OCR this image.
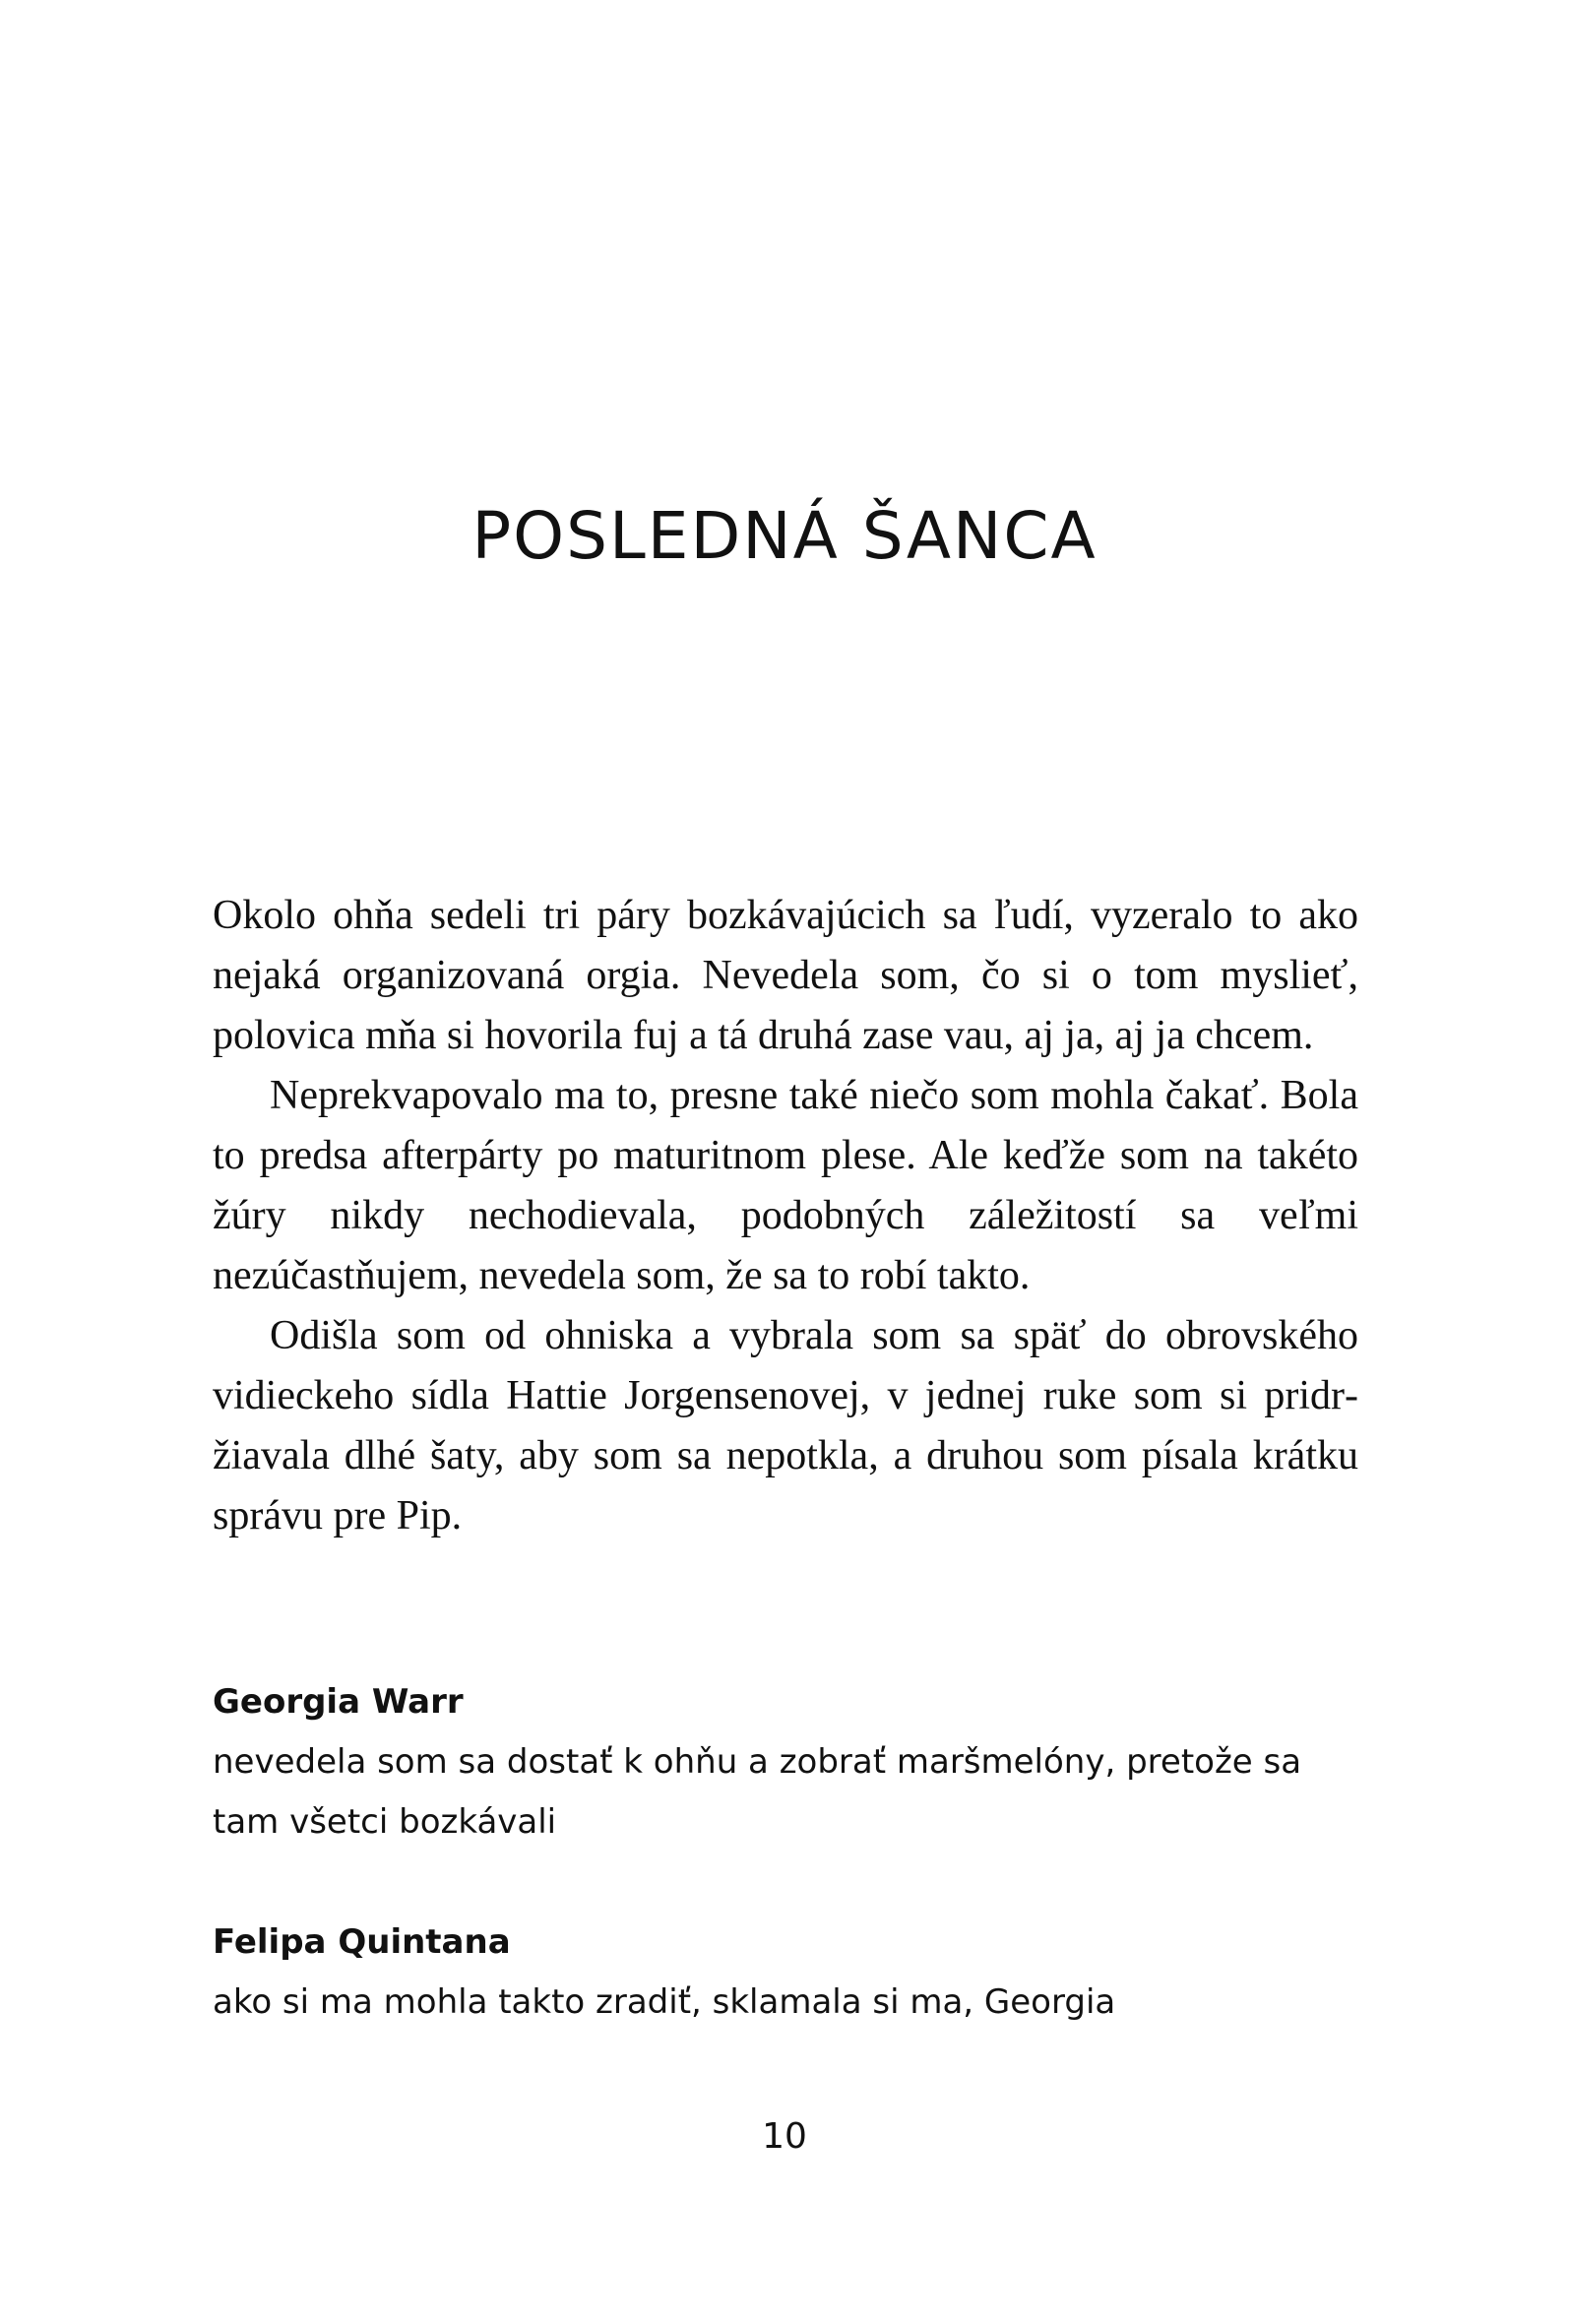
POSLEDNÁ ŠANCA

Okolo ohňa sedeli tri páry bozkávajúcich sa ľudí, vyzeralo to ako nejaká organizovaná orgia. Nevedela som, čo si o tom myslieť, polovica mňa si hovorila fuj a tá druhá zase vau, aj ja, aj ja chcem.

Neprekvapovalo ma to, presne také niečo som mohla čakať. Bola to predsa afterpárty po maturitnom plese. Ale keďže som na takéto žúry nikdy nechodievala, podobných záležitostí sa veľmi nezúčastňujem, nevedela som, že sa to robí takto.

Odišla som od ohniska a vybrala som sa späť do obrovského vidieckeho sídla Hattie Jorgensenovej, v jednej ruke som si pridržiavala dlhé šaty, aby som sa nepotkla, a druhou som písala krátku správu pre Pip.

Georgia Warr
nevedela som sa dostať k ohňu a zobrať maršmelóny, pretože sa tam všetci bozkávali
Felipa Quintana
ako si ma mohla takto zradiť, sklamala si ma, Georgia
10
